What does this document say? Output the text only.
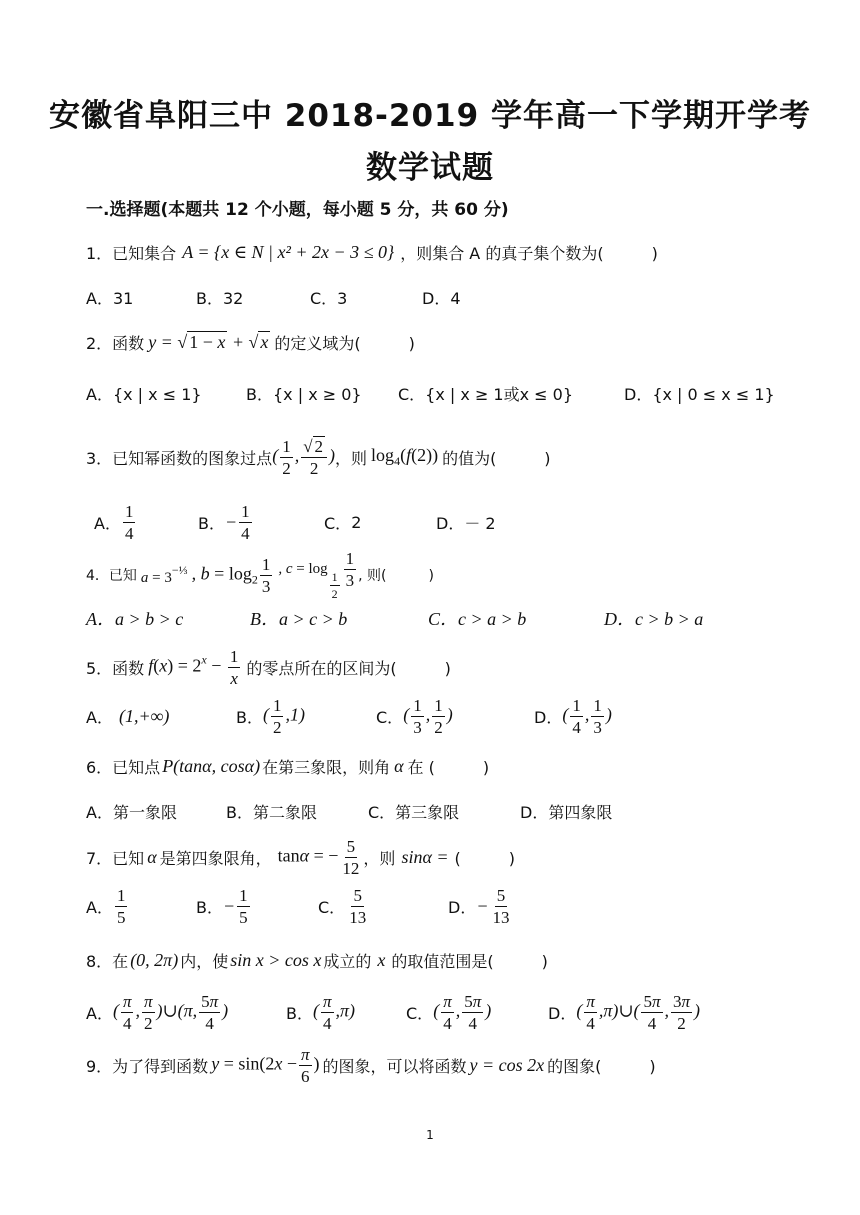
安徽省阜阳三中 2018-2019 学年高一下学期开学考
数学试题
一.选择题(本题共 12 个小题，每小题 5 分，共 60 分)
1．已知集合 A = {x ∈ N | x² + 2x − 3 ≤ 0} ，则集合 A 的真子集个数为(　　　)
A．31	B．32	C．3	D．4
2．函数 y = √ 1 − x + √ x 的定义域为(　　　)
A．{x | x ≤ 1}	B．{x | x ≥ 0} C．{x | x ≥ 1或x ≤ 0}	D．{x | 0 ≤ x ≤ 1}
3．已知幂函数的图象过点 ( $\frac{1}{2}$ , $\frac{√ 2}{2}$ ) ，则 $\log_4(f(2))$ 的值为(　　　)
A． $\frac{1}{4}$	B． − $\frac{1}{4}$	C． 2	D． － 2
4．已知 $a = 3^{-\frac{1}{3}}$ , $b = \log_2 \frac{1}{3}$ , c = log
$\frac{1}{2} \frac{1}{3}$ , 则(　　　)
A．a > b > c	B．a > c > b	C．c > a > b	D．c > b > a
5．函数 $f(x) = 2^x - \frac{1}{x}$ 的零点所在的区间为(　　　)
A． (1,+∞)	B． ( $\frac{1}{2} ,1$)	C． ( $\frac{1}{3}$ , $\frac{1}{2}$ )	D． ( $\frac{1}{4}$ , $\frac{1}{3}$ )
6．已知点 P(tanα, cosα) 在第三象限，则角 α 在 (　　　)
A．第一象限	B．第二象限	C．第三象限	D．第四象限
7．已知 α 是第四象限角， tanα = − $\frac{5}{12}$ ，则 sinα = (　　　)
A． $\frac{1}{5}$	B． − $\frac{1}{5}$	C． $\frac{5}{13}$	D． − $\frac{5}{13}$
8．在 (0, 2π) 内，使 sin x > cos x 成立的 x 的取值范围是(　　　)
A． ( $\frac{\pi}{4}$ , $\frac{\pi}{2}$ )∪(π, $\frac{5\pi}{4}$ )	B． ( $\frac{\pi}{4} ,\pi$)	C． ( $\frac{\pi}{4}$ , $\frac{5\pi}{4}$ )	D． ( $\frac{\pi}{4}$ ,π)∪( $\frac{5\pi}{4}$ , $\frac{3\pi}{2}$ )
9．为了得到函数 $y = \sin(2x - \frac{\pi}{6}$ ) 的图象，可以将函数 y = cos 2x 的图象(　　　)
1
